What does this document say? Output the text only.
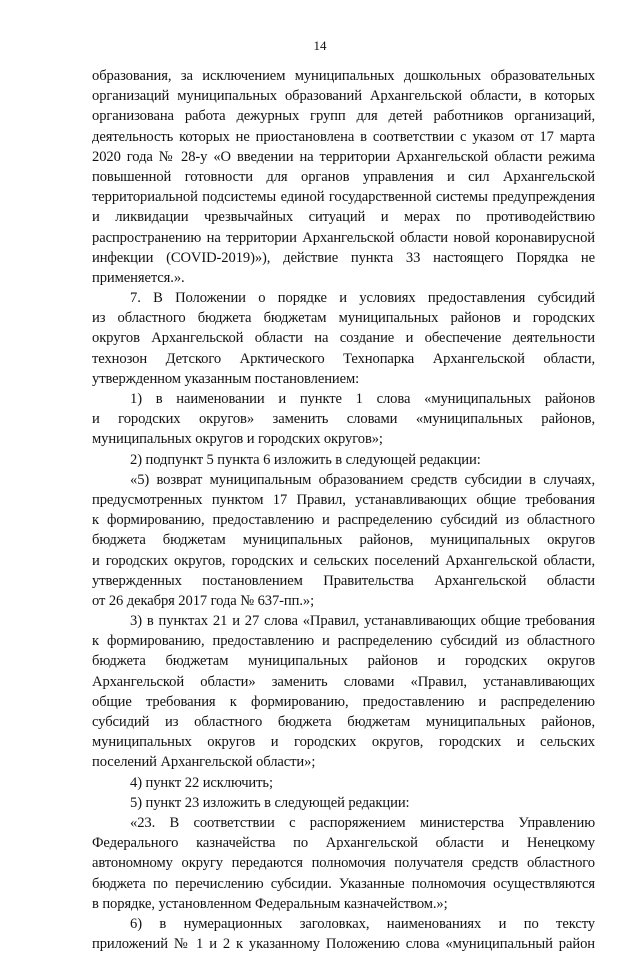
14
образования, за исключением муниципальных дошкольных образовательных
организаций муниципальных образований Архангельской области, в которых
организована работа дежурных групп для детей работников организаций,
деятельность которых не приостановлена в соответствии с указом от 17 марта
2020 года № 28-у «О введении на территории Архангельской области режима
повышенной готовности для органов управления и сил Архангельской
территориальной подсистемы единой государственной системы предупреждения
и ликвидации чрезвычайных ситуаций и мерах по противодействию
распространению на территории Архангельской области новой коронавирусной
инфекции (COVID-2019)»), действие пункта 33 настоящего Порядка не
применяется.».
7. В Положении о порядке и условиях предоставления субсидий
из областного бюджета бюджетам муниципальных районов и городских
округов Архангельской области на создание и обеспечение деятельности
технозон Детского Арктического Технопарка Архангельской области,
утвержденном указанным постановлением:
1) в наименовании и пункте 1 слова «муниципальных районов
и городских округов» заменить словами «муниципальных районов,
муниципальных округов и городских округов»;
2) подпункт 5 пункта 6 изложить в следующей редакции:
«5) возврат муниципальным образованием средств субсидии в случаях,
предусмотренных пунктом 17 Правил, устанавливающих общие требования
к формированию, предоставлению и распределению субсидий из областного
бюджета бюджетам муниципальных районов, муниципальных округов
и городских округов, городских и сельских поселений Архангельской области,
утвержденных постановлением Правительства Архангельской области
от 26 декабря 2017 года № 637-пп.»;
3) в пунктах 21 и 27 слова «Правил, устанавливающих общие требования
к формированию, предоставлению и распределению субсидий из областного
бюджета бюджетам муниципальных районов и городских округов
Архангельской области» заменить словами «Правил, устанавливающих
общие требования к формированию, предоставлению и распределению
субсидий из областного бюджета бюджетам муниципальных районов,
муниципальных округов и городских округов, городских и сельских
поселений Архангельской области»;
4) пункт 22 исключить;
5) пункт 23 изложить в следующей редакции:
«23. В соответствии с распоряжением министерства Управлению
Федерального казначейства по Архангельской области и Ненецкому
автономному округу передаются полномочия получателя средств областного
бюджета по перечислению субсидии. Указанные полномочия осуществляются
в порядке, установленном Федеральным казначейством.»;
6) в нумерационных заголовках, наименованиях и по тексту
приложений № 1 и 2 к указанному Положению слова «муниципальный район
